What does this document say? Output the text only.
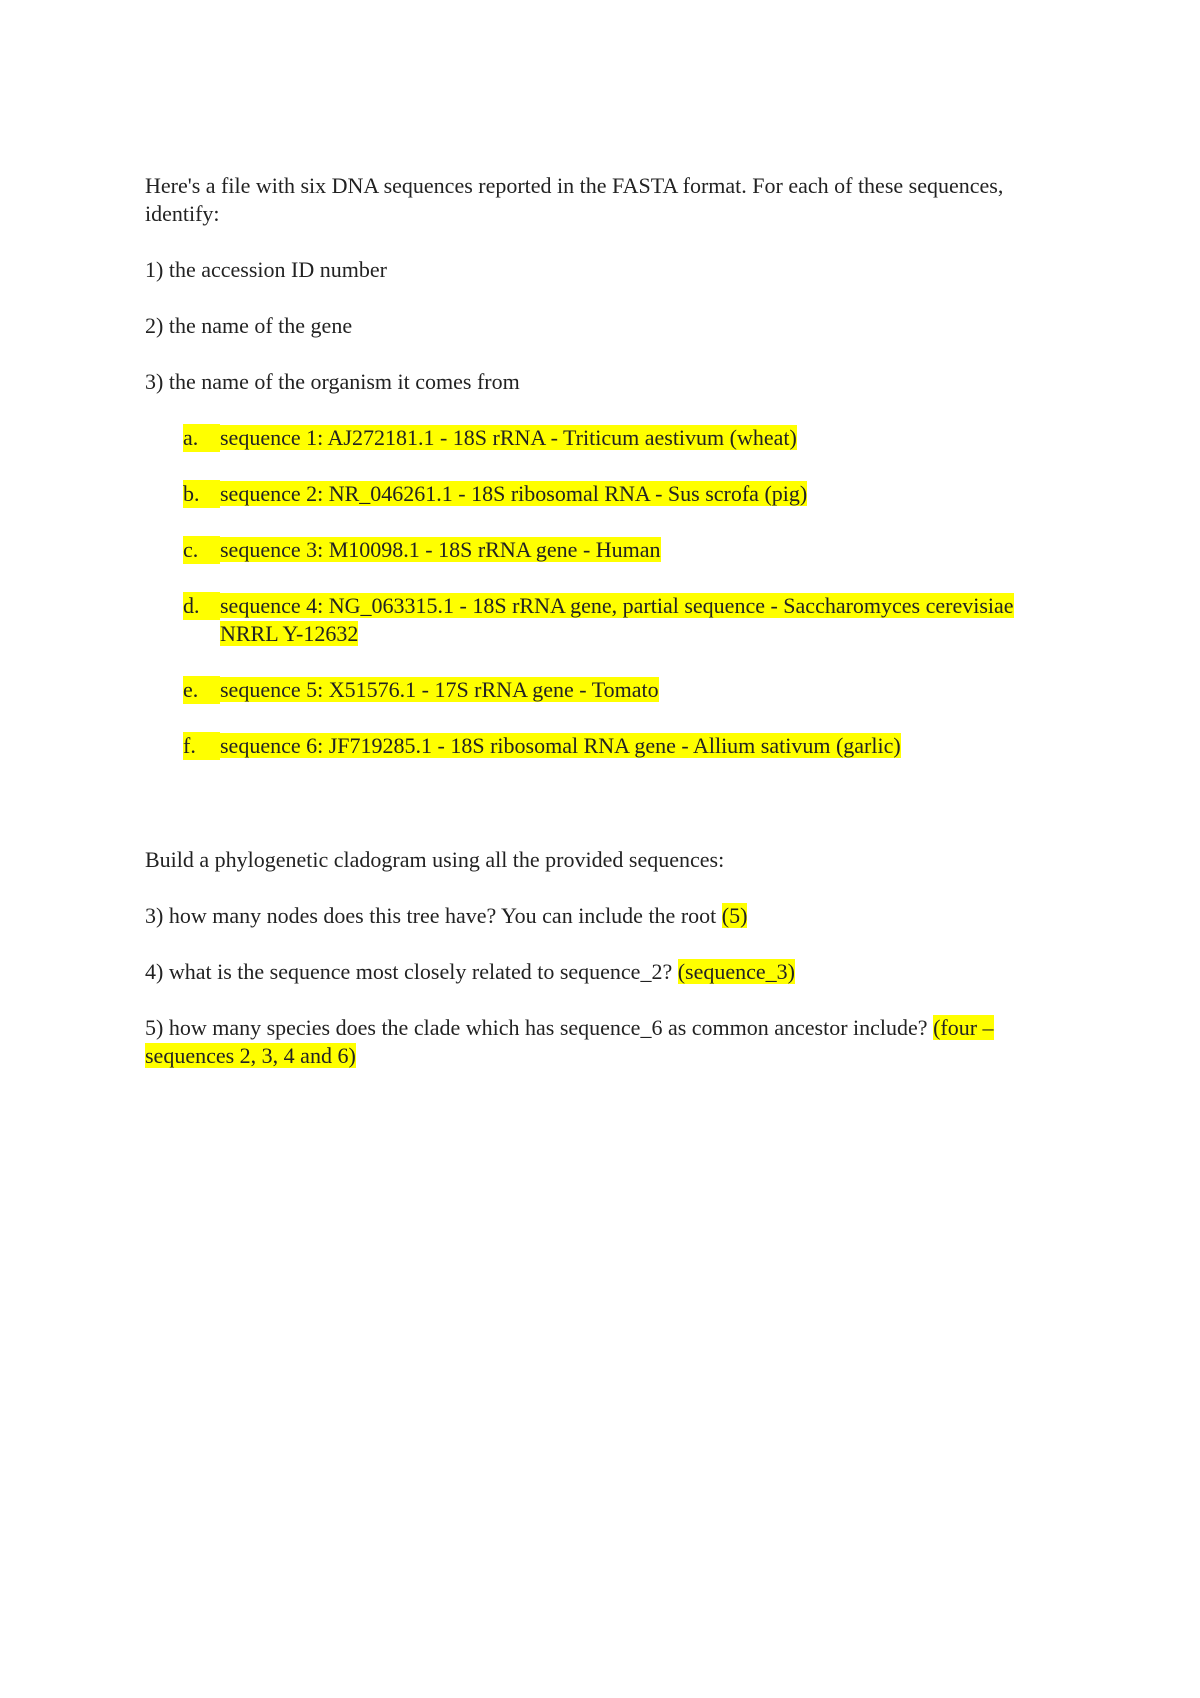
Here's a file with six DNA sequences reported in the FASTA format. For each of these sequences, identify:

1) the accession ID number

2) the name of the gene

3) the name of the organism it comes from

a. sequence 1: AJ272181.1 - 18S rRNA - Triticum aestivum (wheat)
b. sequence 2: NR_046261.1 - 18S ribosomal RNA - Sus scrofa (pig)
c. sequence 3: M10098.1 - 18S rRNA gene - Human
d. sequence 4: NG_063315.1 - 18S rRNA gene, partial sequence - Saccharomyces cerevisiae NRRL Y-12632
e. sequence 5: X51576.1 - 17S rRNA gene - Tomato
f.	sequence 6: JF719285.1 - 18S ribosomal RNA gene - Allium sativum (garlic)

Build a phylogenetic cladogram using all the provided sequences:

3) how many nodes does this tree have? You can include the root (5)

4) what is the sequence most closely related to sequence_2? (sequence_3)

5) how many species does the clade which has sequence_6 as common ancestor include? (four – sequences 2, 3, 4 and 6)
